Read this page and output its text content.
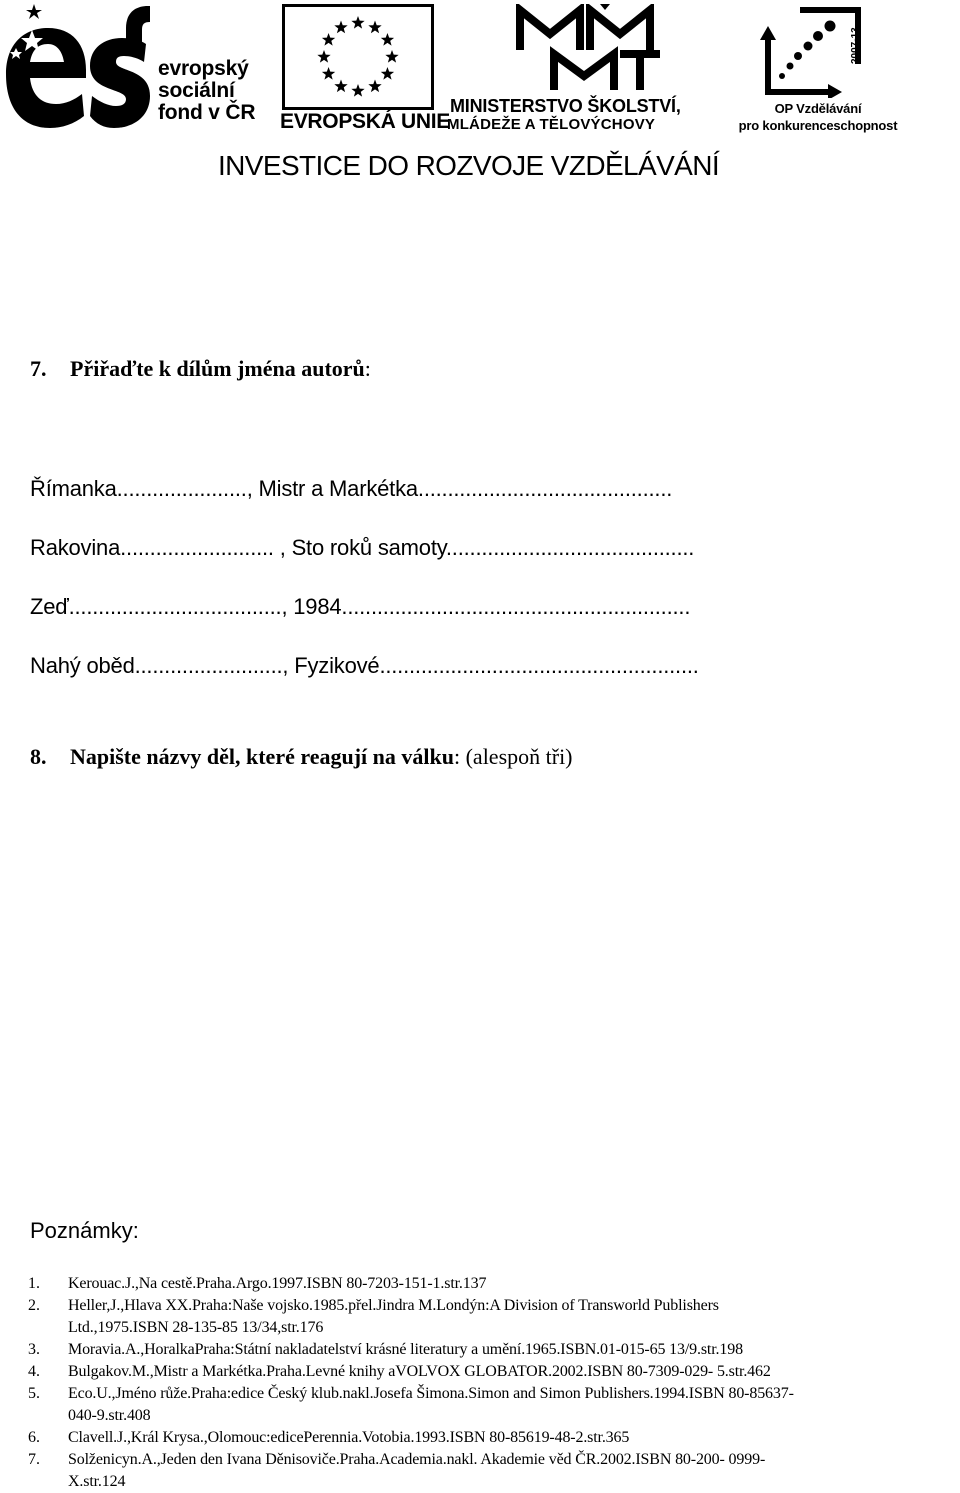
evropský
sociální
fond v ČR EVROPSKÁ UNIE
MINISTERSTVO ŠKOLSTVÍ,
MLÁDEŽE A TĚLOVÝCHOVY
2007-13
OP Vzdělávání
pro konkurenceschopnost
INVESTICE DO ROZVOJE VZDĚLÁVÁNÍ
7. Přiřaďte k dílům jména autorů:
Římanka......................, Mistr a Markétka...........................................
Rakovina.......................... , Sto roků samoty..........................................
Zeď...................................., 1984...........................................................
Nahý oběd........................., Fyzikové......................................................
8. Napište názvy děl, které reagují na válku: (alespoň tři)
Poznámky:
1.	Kerouac.J.,Na cestě.Praha.Argo.1997.ISBN 80-7203-151-1.str.137
2.	Heller,J.,Hlava XX.Praha:Naše vojsko.1985.přel.Jindra M.Londýn:A Division of Transworld Publishers
Ltd.,1975.ISBN 28-135-85 13/34,str.176
3.	Moravia.A.,HoralkaPraha:Státní nakladatelství krásné literatury a umění.1965.ISBN.01-015-65 13/9.str.198
4.	Bulgakov.M.,Mistr a Markétka.Praha.Levné knihy aVOLVOX GLOBATOR.2002.ISBN 80-7309-029- 5.str.462
5.	Eco.U.,Jméno růže.Praha:edice Český klub.nakl.Josefa Šimona.Simon and Simon Publishers.1994.ISBN 80-85637-
040-9.str.408
6.	Clavell.J.,Král Krysa.,Olomouc:edicePerennia.Votobia.1993.ISBN 80-85619-48-2.str.365
7.	Solženicyn.A.,Jeden den Ivana Děnisoviče.Praha.Academia.nakl. Akademie věd ČR.2002.ISBN 80-200- 0999-
X.str.124
